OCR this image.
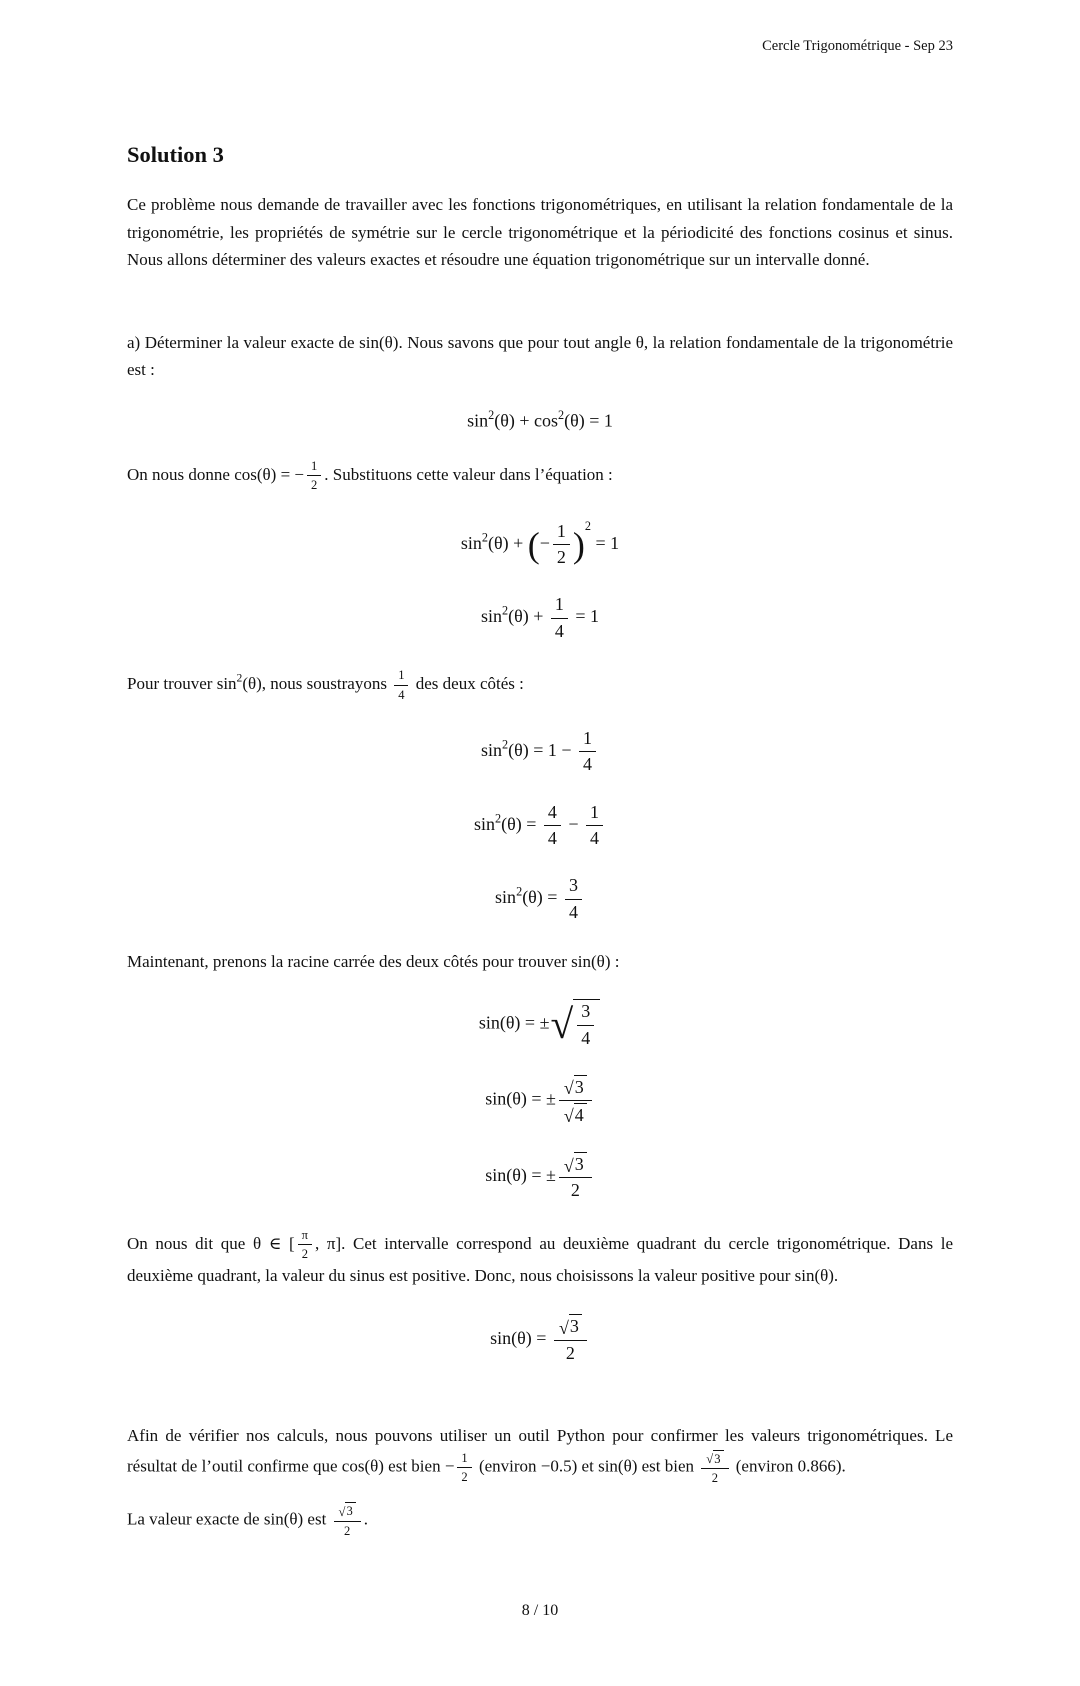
Cercle Trigonométrique - Sep 23
Solution 3

Ce problème nous demande de travailler avec les fonctions trigonométriques, en utilisant la relation fondamentale de la trigonométrie, les propriétés de symétrie sur le cercle trigonométrique et la périodicité des fonctions cosinus et sinus. Nous allons déterminer des valeurs exactes et résoudre une équation trigonométrique sur un intervalle donné.

a) Déterminer la valeur exacte de sin(θ). Nous savons que pour tout angle θ, la relation fondamentale de la trigonométrie est :

$\sin^2(\theta) + \cos^2(\theta) = 1$

On nous donne cos(θ) = − $\frac{1}{2}$ . Substituons cette valeur dans l’équation :

$\sin^2(\theta)$ + (− $\frac{1}{2} )^2 = 1$
$\sin^2(\theta) + \frac{1}{4} = 1$

Pour trouver $\sin^2(\theta)$, nous soustrayons $\frac{1}{4}$ des deux côtés :

$\sin^2(\theta) = 1 - \frac{1}{4}$
$\sin^2(\theta) = \frac{4}{4} - \frac{1}{4}$
$\sin^2(\theta) = \frac{3}{4}$

Maintenant, prenons la racine carrée des deux côtés pour trouver sin(θ) :

sin(θ) = ± √ $\frac{3}{4}$
sin(θ) = ± $\frac{√ 3}{√ 4}$
sin(θ) = ± $\frac{√ 3}{2}$

On nous dit que θ ∈ [ $\frac{\pi}{2}$ , π]. Cet intervalle correspond au deuxième quadrant du cercle trigonométrique. Dans le deuxième quadrant, la valeur du sinus est positive. Donc, nous choisissons la valeur positive pour sin(θ).

$\sin(\theta) = \frac{√ 3}{2}$

Afin de vérifier nos calculs, nous pouvons utiliser un outil Python pour confirmer les valeurs trigonométriques. Le résultat de l’outil confirme que cos(θ) est bien − $\frac{1}{2}$ (environ −0.5) et sin(θ) est bien $\frac{√ 3}{2}$ (environ 0.866).

La valeur exacte de sin(θ) est $\frac{√ 3}{2}$ .

8 / 10
